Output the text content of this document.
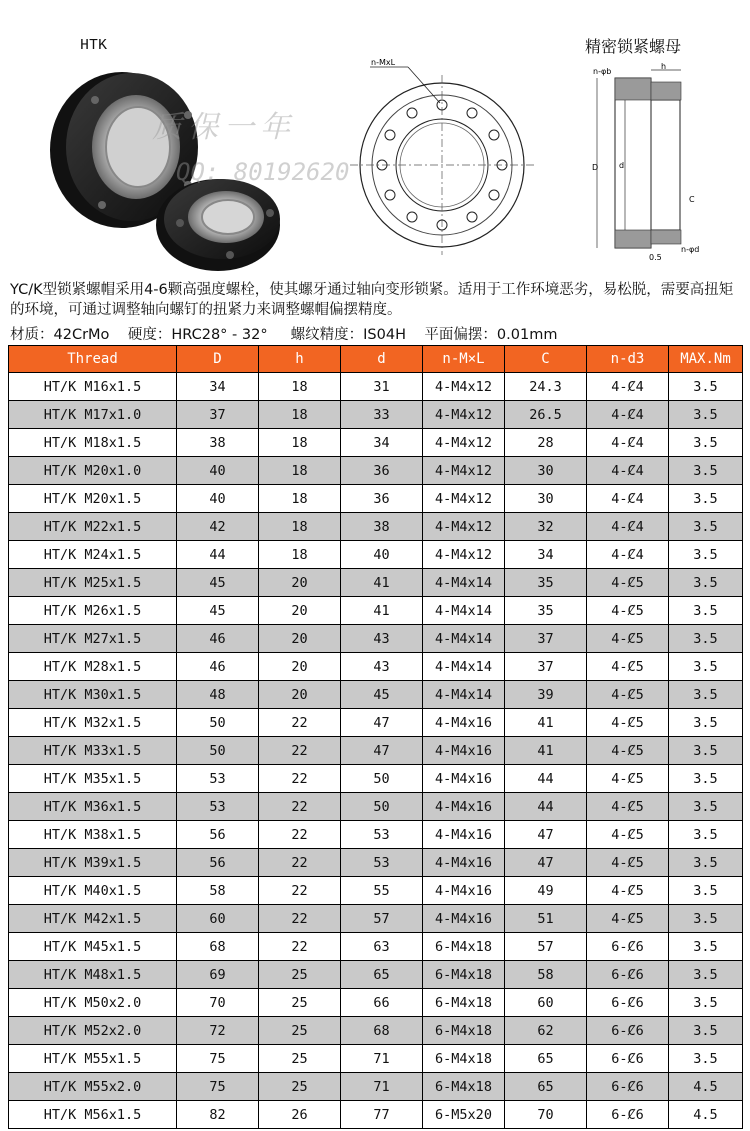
HTK	精密锁紧螺母
质保一年
QQ: 80192620
n-MxL
n-φb
h
D	d
C
n-φd
0.5
YC/K型锁紧螺帽采用4-6颗高强度螺栓，使其螺牙通过轴向变形锁紧。适用于工作环境恶劣，易松脱，需要高扭矩的环境，可通过调整轴向螺钉的扭紧力来调整螺帽偏摆精度。
材质：42CrMo    硬度：HRC28° - 32°     螺纹精度：IS04H    平面偏摆：0.01mm
Thread	D	h	d	n-M×L	C	n-d3	MAX.Nm
HT/K M16x1.5	34	18	31	4-M4x12	24.3	4-Ȼ4	3.5
HT/K M17x1.0	37	18	33	4-M4x12	26.5	4-Ȼ4	3.5
HT/K M18x1.5	38	18	34	4-M4x12	28	4-Ȼ4	3.5
HT/K M20x1.0	40	18	36	4-M4x12	30	4-Ȼ4	3.5
HT/K M20x1.5	40	18	36	4-M4x12	30	4-Ȼ4	3.5
HT/K M22x1.5	42	18	38	4-M4x12	32	4-Ȼ4	3.5
HT/K M24x1.5	44	18	40	4-M4x12	34	4-Ȼ4	3.5
HT/K M25x1.5	45	20	41	4-M4x14	35	4-Ȼ5	3.5
HT/K M26x1.5	45	20	41	4-M4x14	35	4-Ȼ5	3.5
HT/K M27x1.5	46	20	43	4-M4x14	37	4-Ȼ5	3.5
HT/K M28x1.5	46	20	43	4-M4x14	37	4-Ȼ5	3.5
HT/K M30x1.5	48	20	45	4-M4x14	39	4-Ȼ5	3.5
HT/K M32x1.5	50	22	47	4-M4x16	41	4-Ȼ5	3.5
HT/K M33x1.5	50	22	47	4-M4x16	41	4-Ȼ5	3.5
HT/K M35x1.5	53	22	50	4-M4x16	44	4-Ȼ5	3.5
HT/K M36x1.5	53	22	50	4-M4x16	44	4-Ȼ5	3.5
HT/K M38x1.5	56	22	53	4-M4x16	47	4-Ȼ5	3.5
HT/K M39x1.5	56	22	53	4-M4x16	47	4-Ȼ5	3.5
HT/K M40x1.5	58	22	55	4-M4x16	49	4-Ȼ5	3.5
HT/K M42x1.5	60	22	57	4-M4x16	51	4-Ȼ5	3.5
HT/K M45x1.5	68	22	63	6-M4x18	57	6-Ȼ6	3.5
HT/K M48x1.5	69	25	65	6-M4x18	58	6-Ȼ6	3.5
HT/K M50x2.0	70	25	66	6-M4x18	60	6-Ȼ6	3.5
HT/K M52x2.0	72	25	68	6-M4x18	62	6-Ȼ6	3.5
HT/K M55x1.5	75	25	71	6-M4x18	65	6-Ȼ6	3.5
HT/K M55x2.0	75	25	71	6-M4x18	65	6-Ȼ6	4.5
HT/K M56x1.5	82	26	77	6-M5x20	70	6-Ȼ6	4.5
